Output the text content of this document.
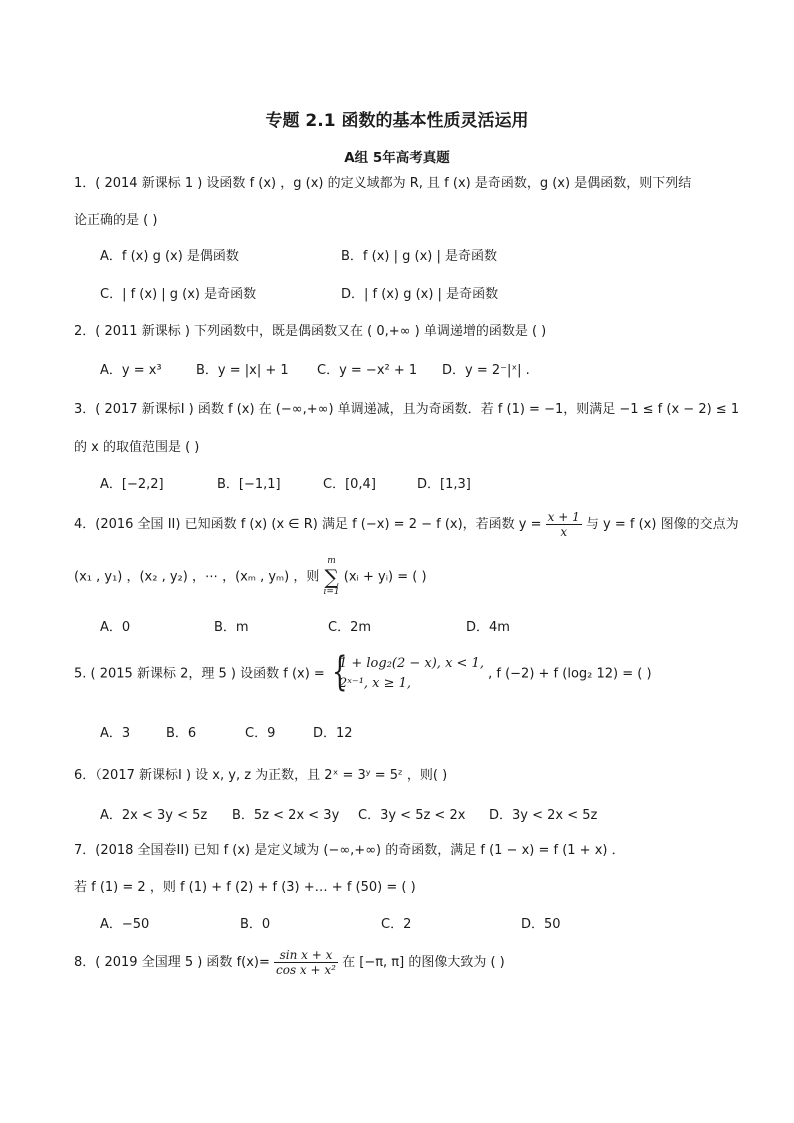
专题 2.1 函数的基本性质灵活运用
A组 5年高考真题
1．( 2014 新课标 1 ) 设函数 f (x) ，g (x) 的定义域都为 R, 且 f (x) 是奇函数，g (x) 是偶函数，则下列结
论正确的是 ( )
A．f (x) g (x) 是偶函数	B．f (x) | g (x) | 是奇函数
C．| f (x) | g (x) 是奇函数	D．| f (x) g (x) | 是奇函数
2．( 2011 新课标 ) 下列函数中，既是偶函数又在 ( 0,+∞ ) 单调递增的函数是 ( )
A．y = x³	B．y = |x| + 1 C．y = −x² + 1 D．y = 2⁻|ˣ| .
3．( 2017 新课标I ) 函数 f (x) 在 (−∞,+∞) 单调递减，且为奇函数．若 f (1) = −1，则满足 −1 ≤ f (x − 2) ≤ 1
的 x 的取值范围是 ( )
A．[−2,2]	B．[−1,1]	C．[0,4]	D．[1,3]
4．(2016 全国 II) 已知函数 f (x) (x ∈ R) 满足 f (−x) = 2 − f (x)，若函数 $y = \frac{x + 1}{x}$ 与 y = f (x) 图像的交点为
(x₁ , y₁) ，(x₂ , y₂) ，⋯ ，(xₘ , yₘ) ，则
m
∑
i=1
(xᵢ + yᵢ) = ( )
A．0	B．m	C．2m	D．4m
5. ( 2015 新课标 2，理 5 ) 设函数 f (x) = {
1 + log₂(2 − x), x < 1,
2ˣ⁻¹, x ≥ 1,
, f (−2) + f (log₂ 12) = ( )
A．3	B．6	C．9	D．12
6．（2017 新课标I ) 设 x, y, z 为正数，且 2ˣ = 3ʸ = 5ᶻ ，则( )
A．2x < 3y < 5z B．5z < 2x < 3y C．3y < 5z < 2x D．3y < 2x < 5z
7．(2018 全国卷II) 已知 f (x) 是定义域为 (−∞,+∞) 的奇函数，满足 f (1 − x) = f (1 + x) ．
若 f (1) = 2 ，则 f (1) + f (2) + f (3) +… + f (50) = ( )
A．−50	B．0	C．2	D．50
8．( 2019 全国理 5 ) 函数 $f(x)= \frac{\text{sin x + x}}{\text{cos x + x²}}$ 在 [−π, π] 的图像大致为 ( )
